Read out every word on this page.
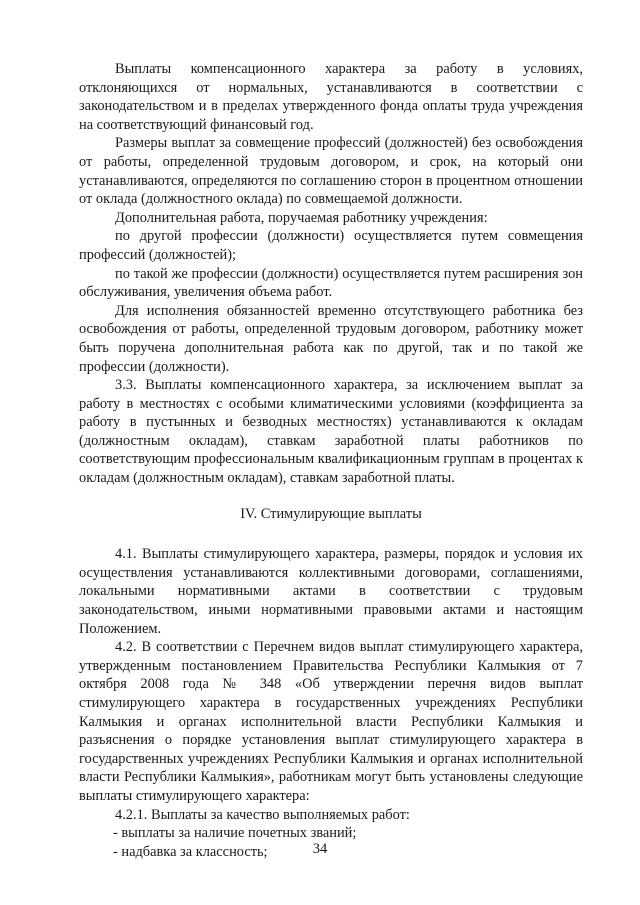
Выплаты компенсационного характера за работу в условиях, отклоняющихся от нормальных, устанавливаются в соответствии с законодательством и в пределах утвержденного фонда оплаты труда учреждения на соответствующий финансовый год.

Размеры выплат за совмещение профессий (должностей) без освобождения от работы, определенной трудовым договором, и срок, на который они устанавливаются, определяются по соглашению сторон в процентном отношении от оклада (должностного оклада) по совмещаемой должности.

Дополнительная работа, поручаемая работнику учреждения:

по другой профессии (должности) осуществляется путем совмещения профессий (должностей);

по такой же профессии (должности) осуществляется путем расширения зон обслуживания, увеличения объема работ.

Для исполнения обязанностей временно отсутствующего работника без освобождения от работы, определенной трудовым договором, работнику может быть поручена дополнительная работа как по другой, так и по такой же профессии (должности).

3.3. Выплаты компенсационного характера, за исключением выплат за работу в местностях с особыми климатическими условиями (коэффициента за работу в пустынных и безводных местностях) устанавливаются к окладам (должностным окладам), ставкам заработной платы работников по соответствующим профессиональным квалификационным группам в процентах к окладам (должностным окладам), ставкам заработной платы.

IV. Стимулирующие выплаты

4.1. Выплаты стимулирующего характера, размеры, порядок и условия их осуществления устанавливаются коллективными договорами, соглашениями, локальными нормативными актами в соответствии с трудовым законодательством, иными нормативными правовыми актами и настоящим Положением.

4.2. В соответствии с Перечнем видов выплат стимулирующего характера, утвержденным постановлением Правительства Республики Калмыкия от 7 октября 2008 года № 348 «Об утверждении перечня видов выплат стимулирующего характера в государственных учреждениях Республики Калмыкия и органах исполнительной власти Республики Калмыкия и разъяснения о порядке установления выплат стимулирующего характера в государственных учреждениях Республики Калмыкия и органах исполнительной власти Республики Калмыкия», работникам могут быть установлены следующие выплаты стимулирующего характера:

4.2.1. Выплаты за качество выполняемых работ:

- выплаты за наличие почетных званий;

- надбавка за классность;	34
